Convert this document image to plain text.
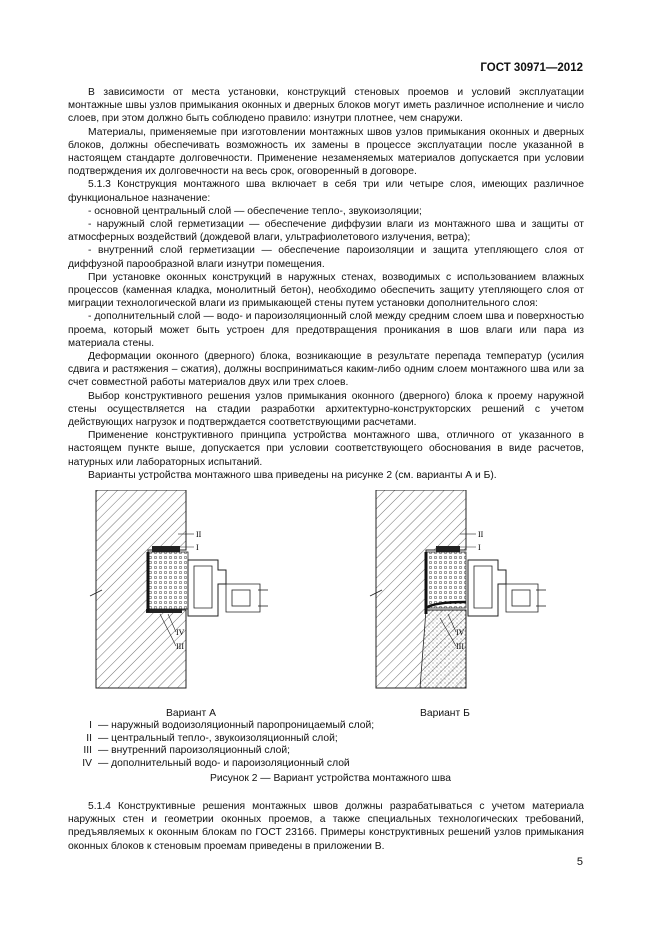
ГОСТ 30971—2012

В зависимости от места установки, конструкций стеновых проемов и условий эксплуатации монтажные швы узлов примыкания оконных и дверных блоков могут иметь различное исполнение и число слоев, при этом должно быть соблюдено правило: изнутри плотнее, чем снаружи.

Материалы, применяемые при изготовлении монтажных швов узлов примыкания оконных и дверных блоков, должны обеспечивать возможность их замены в процессе эксплуатации после указанной в настоящем стандарте долговечности. Применение незаменяемых материалов допускается при условии подтверждения их долговечности на весь срок, оговоренный в договоре.

5.1.3 Конструкция монтажного шва включает в себя три или четыре слоя, имеющих различное функциональное назначение:

- основной центральный слой — обеспечение тепло-, звукоизоляции;

- наружный слой герметизации — обеспечение диффузии влаги из монтажного шва и защиты от атмосферных воздействий (дождевой влаги, ультрафиолетового излучения, ветра);

- внутренний слой герметизации — обеспечение пароизоляции и защита утепляющего слоя от диффузной парообразной влаги изнутри помещения.

При установке оконных конструкций в наружных стенах, возводимых с использованием влажных процессов (каменная кладка, монолитный бетон), необходимо обеспечить защиту утепляющего слоя от миграции технологической влаги из примыкающей стены путем установки дополнительного слоя:

- дополнительный слой — водо- и пароизоляционный слой между средним слоем шва и поверхностью проема, который может быть устроен для предотвращения проникания в шов влаги или пара из материала стены.

Деформации оконного (дверного) блока, возникающие в результате перепада температур (усилия сдвига и растяжения – сжатия), должны восприниматься каким-либо одним слоем монтажного шва или за счет совместной работы материалов двух или трех слоев.

Выбор конструктивного решения узлов примыкания оконного (дверного) блока к проему наружной стены осуществляется на стадии разработки архитектурно-конструкторских решений с учетом действующих нагрузок и подтверждается соответствующими расчетами.

Применение конструктивного принципа устройства монтажного шва, отличного от указанного в настоящем пункте выше, допускается при условии соответствующего обоснования в виде расчетов, натурных или лабораторных испытаний.

Варианты устройства монтажного шва приведены на рисунке 2 (см. варианты А и Б).

II
I
IV
III
II
I
IV
III
Вариант А	Вариант Б
I — наружный водоизоляционный паропроницаемый слой;
II — центральный тепло-, звукоизоляционный слой;
III — внутренний пароизоляционный слой;
IV — дополнительный водо- и пароизоляционный слой
Рисунок 2 — Вариант устройства монтажного шва

5.1.4 Конструктивные решения монтажных швов должны разрабатываться с учетом материала наружных стен и геометрии оконных проемов, а также специальных технологических требований, предъявляемых к оконным блокам по ГОСТ 23166. Примеры конструктивных решений узлов примыкания оконных блоков к стеновым проемам приведены в приложении В.

5
